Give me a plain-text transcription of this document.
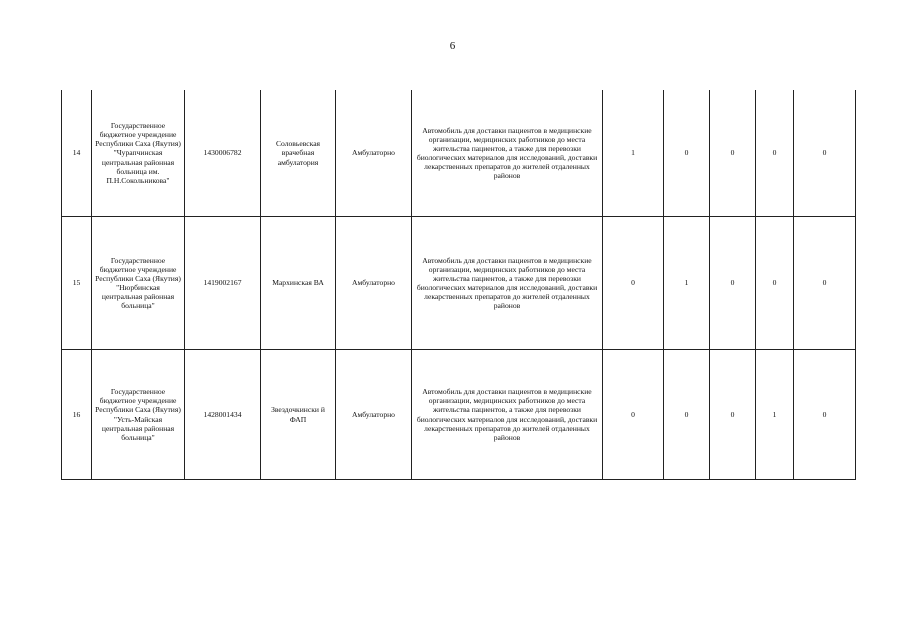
6
14	Государственное бюджетное учреждение Республики Саха (Якутия) "Чурапчинская центральная районная больница им. П.Н.Сокольникова"	1430006782	Соловьевская врачебная амбулатория	Амбулаторно	Автомобиль для доставки пациентов в медицинские организации, медицинских работников до места жительства пациентов, а также для перевозки биологических материалов для исследований, доставки лекарственных препаратов до жителей отдаленных районов	1	0	0	0	0
15	Государственное бюджетное учреждение Республики Саха (Якутия) "Нюрбинская центральная районная больница"	1419002167	Мархинская ВА	Амбулаторно	Автомобиль для доставки пациентов в медицинские организации, медицинских работников до места жительства пациентов, а также для перевозки биологических материалов для исследований, доставки лекарственных препаратов до жителей отдаленных районов	0	1	0	0	0
16	Государственное бюджетное учреждение Республики Саха (Якутия) "Усть-Майская центральная районная больница"	1428001434	Звездочкински й ФАП	Амбулаторно	Автомобиль для доставки пациентов в медицинские организации, медицинских работников до места жительства пациентов, а также для перевозки биологических материалов для исследований, доставки лекарственных препаратов до жителей отдаленных районов	0	0	0	1	0
